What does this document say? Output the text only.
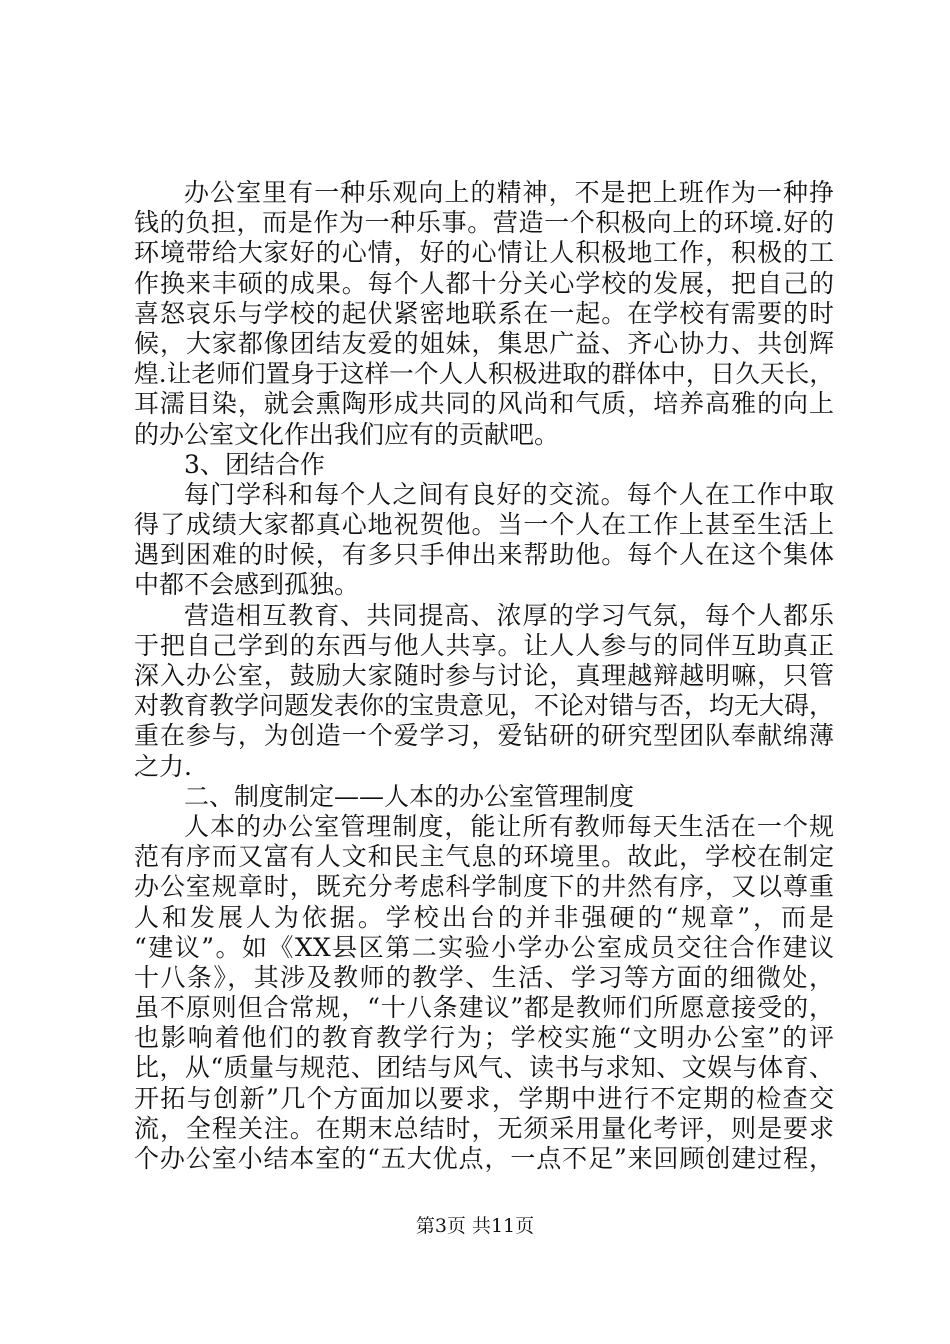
办公室里有一种乐观向上的精神，不是把上班作为一种挣
钱的负担，而是作为一种乐事。营造一个积极向上的环境.好的
环境带给大家好的心情，好的心情让人积极地工作，积极的工
作换来丰硕的成果。每个人都十分关心学校的发展，把自己的
喜怒哀乐与学校的起伏紧密地联系在一起。在学校有需要的时
候，大家都像团结友爱的姐妹，集思广益、齐心协力、共创辉
煌.让老师们置身于这样一个人人积极进取的群体中，日久天长，
耳濡目染，就会熏陶形成共同的风尚和气质，培养高雅的向上
的办公室文化作出我们应有的贡献吧。
3、团结合作
每门学科和每个人之间有良好的交流。每个人在工作中取
得了成绩大家都真心地祝贺他。当一个人在工作上甚至生活上
遇到困难的时候，有多只手伸出来帮助他。每个人在这个集体
中都不会感到孤独。
营造相互教育、共同提高、浓厚的学习气氛，每个人都乐
于把自己学到的东西与他人共享。让人人参与的同伴互助真正
深入办公室，鼓励大家随时参与讨论，真理越辩越明嘛，只管
对教育教学问题发表你的宝贵意见，不论对错与否，均无大碍，
重在参与，为创造一个爱学习，爱钻研的研究型团队奉献绵薄
之力.
二、制度制定——人本的办公室管理制度
人本的办公室管理制度，能让所有教师每天生活在一个规
范有序而又富有人文和民主气息的环境里。故此，学校在制定
办公室规章时，既充分考虑科学制度下的井然有序，又以尊重
人和发展人为依据。学校出台的并非强硬的“规章”，而是
“建议”。如《XX县区第二实验小学办公室成员交往合作建议
十八条》，其涉及教师的教学、生活、学习等方面的细微处，
虽不原则但合常规，“十八条建议”都是教师们所愿意接受的，
也影响着他们的教育教学行为；学校实施“文明办公室”的评
比，从“质量与规范、团结与风气、读书与求知、文娱与体育、
开拓与创新”几个方面加以要求，学期中进行不定期的检查交
流，全程关注。在期末总结时，无须采用量化考评，则是要求
个办公室小结本室的“五大优点，一点不足”来回顾创建过程，
第3页 共11页
